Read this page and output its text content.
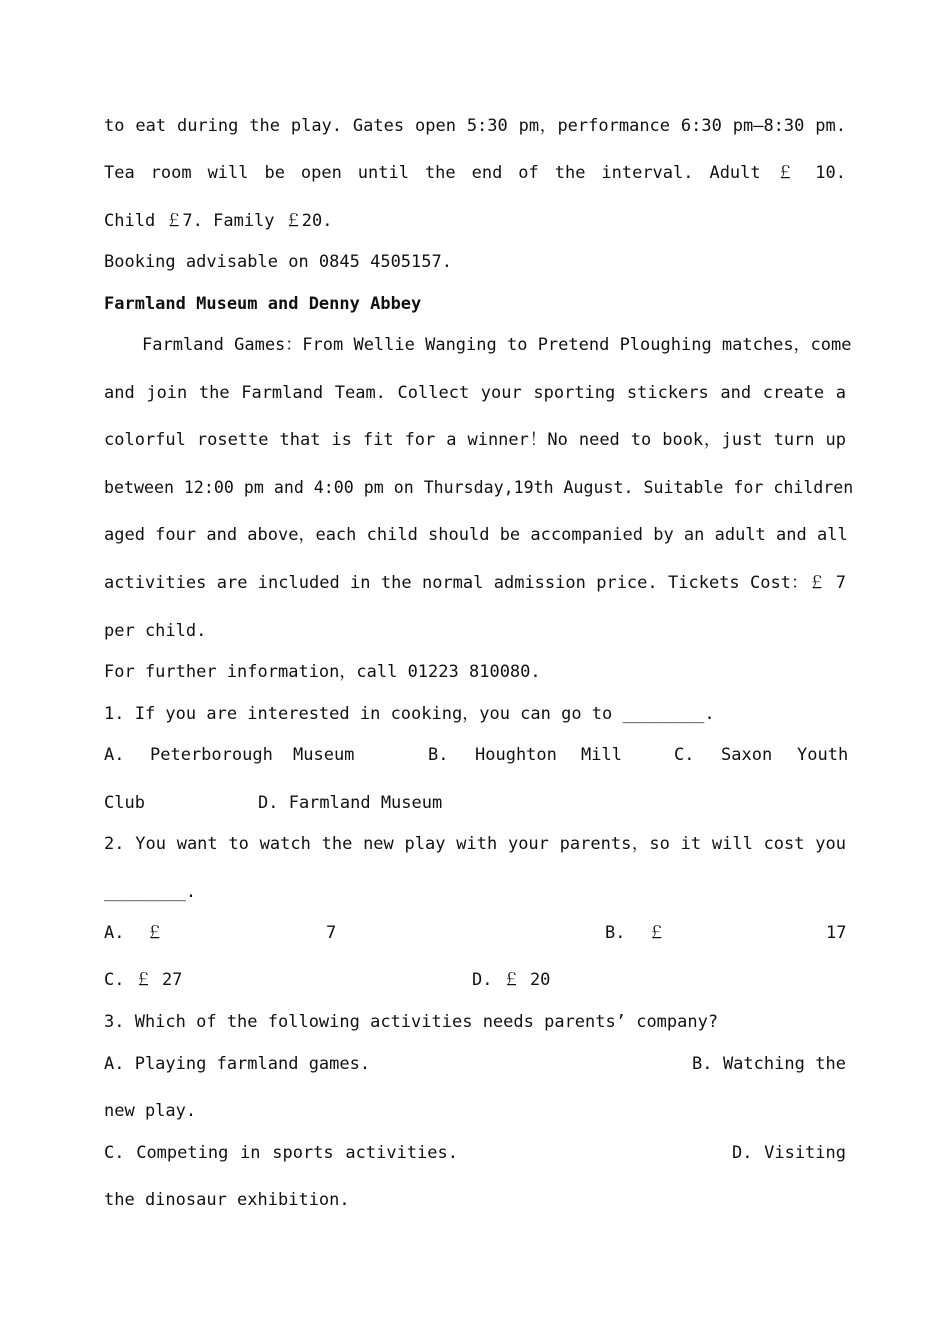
to eat during the play. Gates open 5:30 pm，performance 6:30 pm—8:30 pm.
Tea room will be open until the end of the interval. Adult ￡ 10.
Child ￡7. Family ￡20.
Booking advisable on 0845 4505157.
Farmland Museum and Denny Abbey
Farmland Games：From Wellie Wanging to Pretend Ploughing matches，come
and join the Farmland Team. Collect your sporting stickers and create a
colorful rosette that is fit for a winner！No need to book，just turn up
between 12:00 pm and 4:00 pm on Thursday,19th August. Suitable for children
aged four and above，each child should be accompanied by an adult and all
activities are included in the normal admission price. Tickets Cost：￡ 7
per child.
For further information，call 01223 810080.
1. If you are interested in cooking，you can go to ________.
A. Peterborough Museum	B. Houghton Mill	C. Saxon Youth
Club	D. Farmland Museum
2. You want to watch the new play with your parents，so it will cost you
________.
A. ￡	7	B. ￡	17
C. ￡ 27	D. ￡ 20
3. Which of the following activities needs parents’ company?
A. Playing farmland games.	B. Watching the
new play.
C. Competing in sports activities.	D. Visiting
the dinosaur exhibition.
